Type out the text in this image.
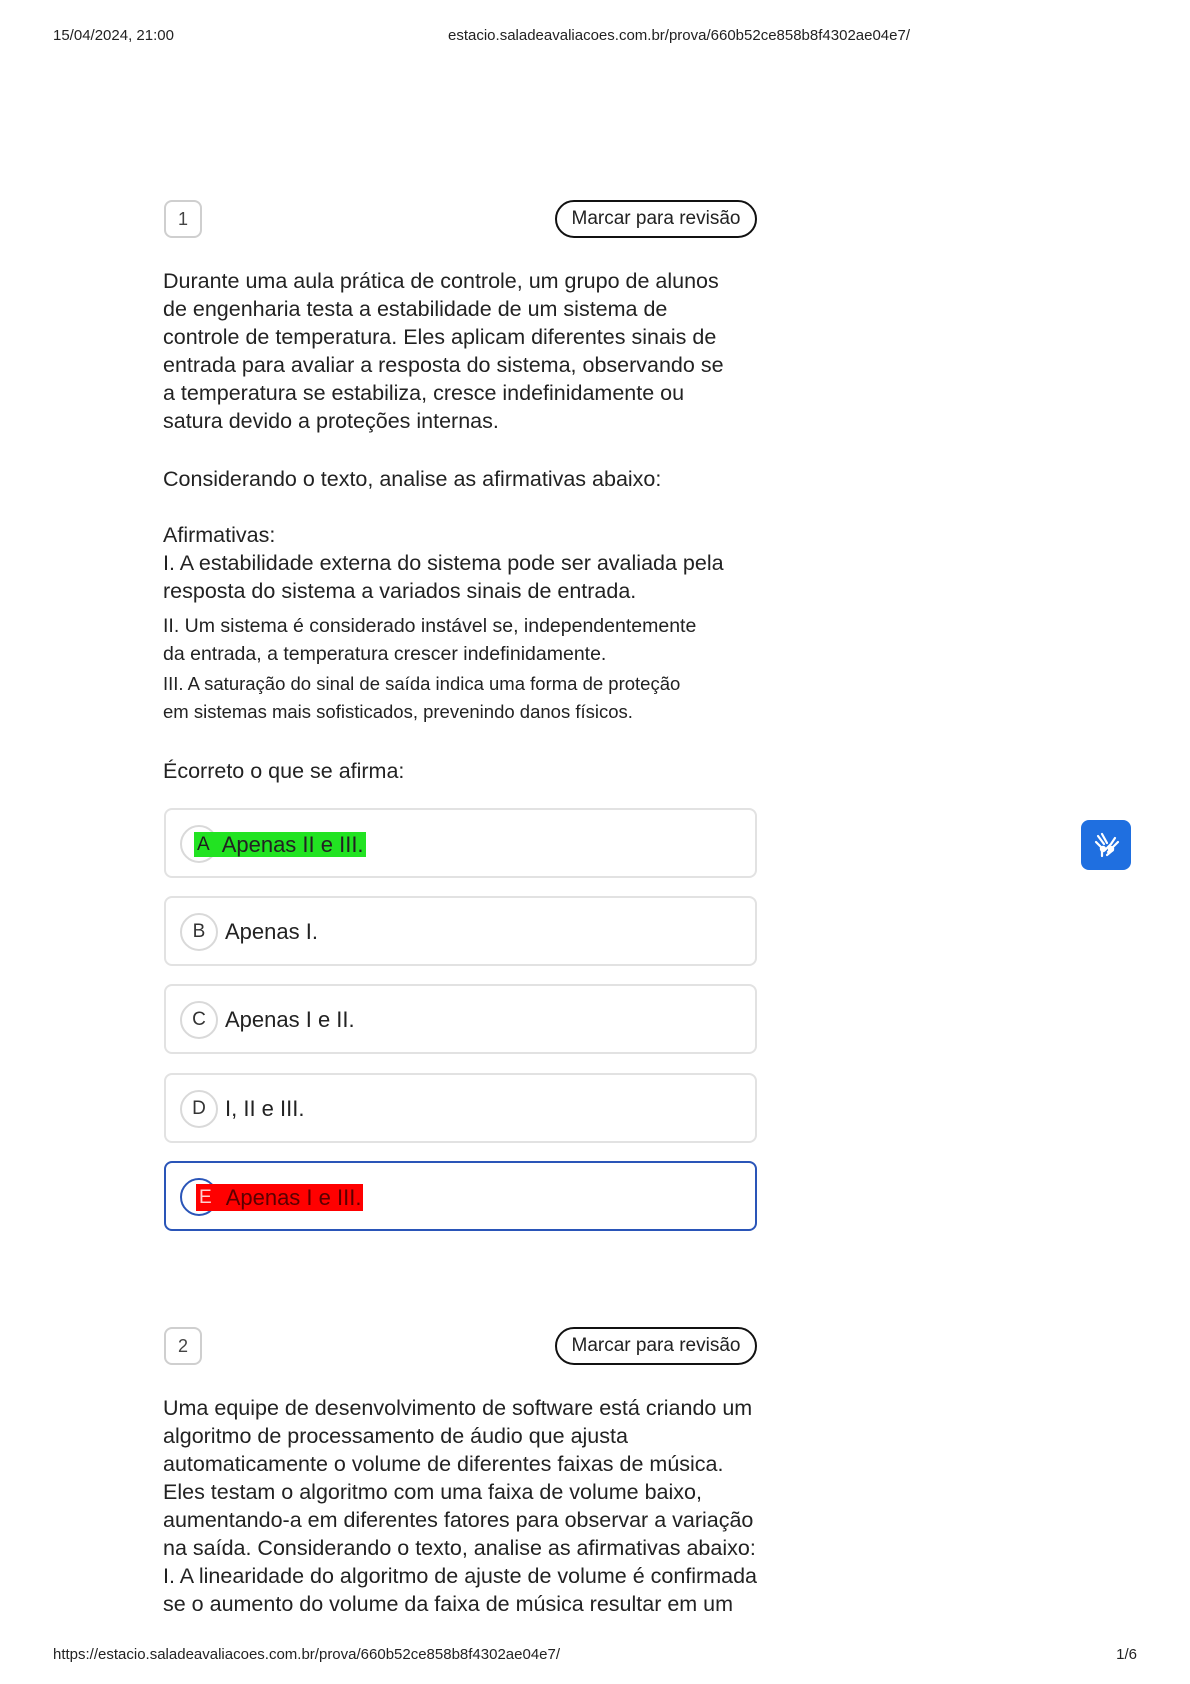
15/04/2024, 21:00	estacio.saladeavaliacoes.com.br/prova/660b52ce858b8f4302ae04e7/
1	Marcar para revisão
Durante uma aula prática de controle, um grupo de alunos
de engenharia testa a estabilidade de um sistema de
controle de temperatura. Eles aplicam diferentes sinais de
entrada para avaliar a resposta do sistema, observando se
a temperatura se estabiliza, cresce indefinidamente ou
satura devido a proteções internas.
Considerando o texto, analise as afirmativas abaixo:
Afirmativas:
I. A estabilidade externa do sistema pode ser avaliada pela
resposta do sistema a variados sinais de entrada.
II. Um sistema é considerado instável se, independentemente
da entrada, a temperatura crescer indefinidamente.
III. A saturação do sinal de saída indica uma forma de proteção
em sistemas mais sofisticados, prevenindo danos físicos.
Écorreto o que se afirma:
A Apenas II e III.
B Apenas I.
C Apenas I e II.
D I, II e III.
E Apenas I e III.
2	Marcar para revisão
Uma equipe de desenvolvimento de software está criando um
algoritmo de processamento de áudio que ajusta
automaticamente o volume de diferentes faixas de música.
Eles testam o algoritmo com uma faixa de volume baixo,
aumentando-a em diferentes fatores para observar a variação
na saída. Considerando o texto, analise as afirmativas abaixo:
I. A linearidade do algoritmo de ajuste de volume é confirmada
se o aumento do volume da faixa de música resultar em um
https://estacio.saladeavaliacoes.com.br/prova/660b52ce858b8f4302ae04e7/	1/6
